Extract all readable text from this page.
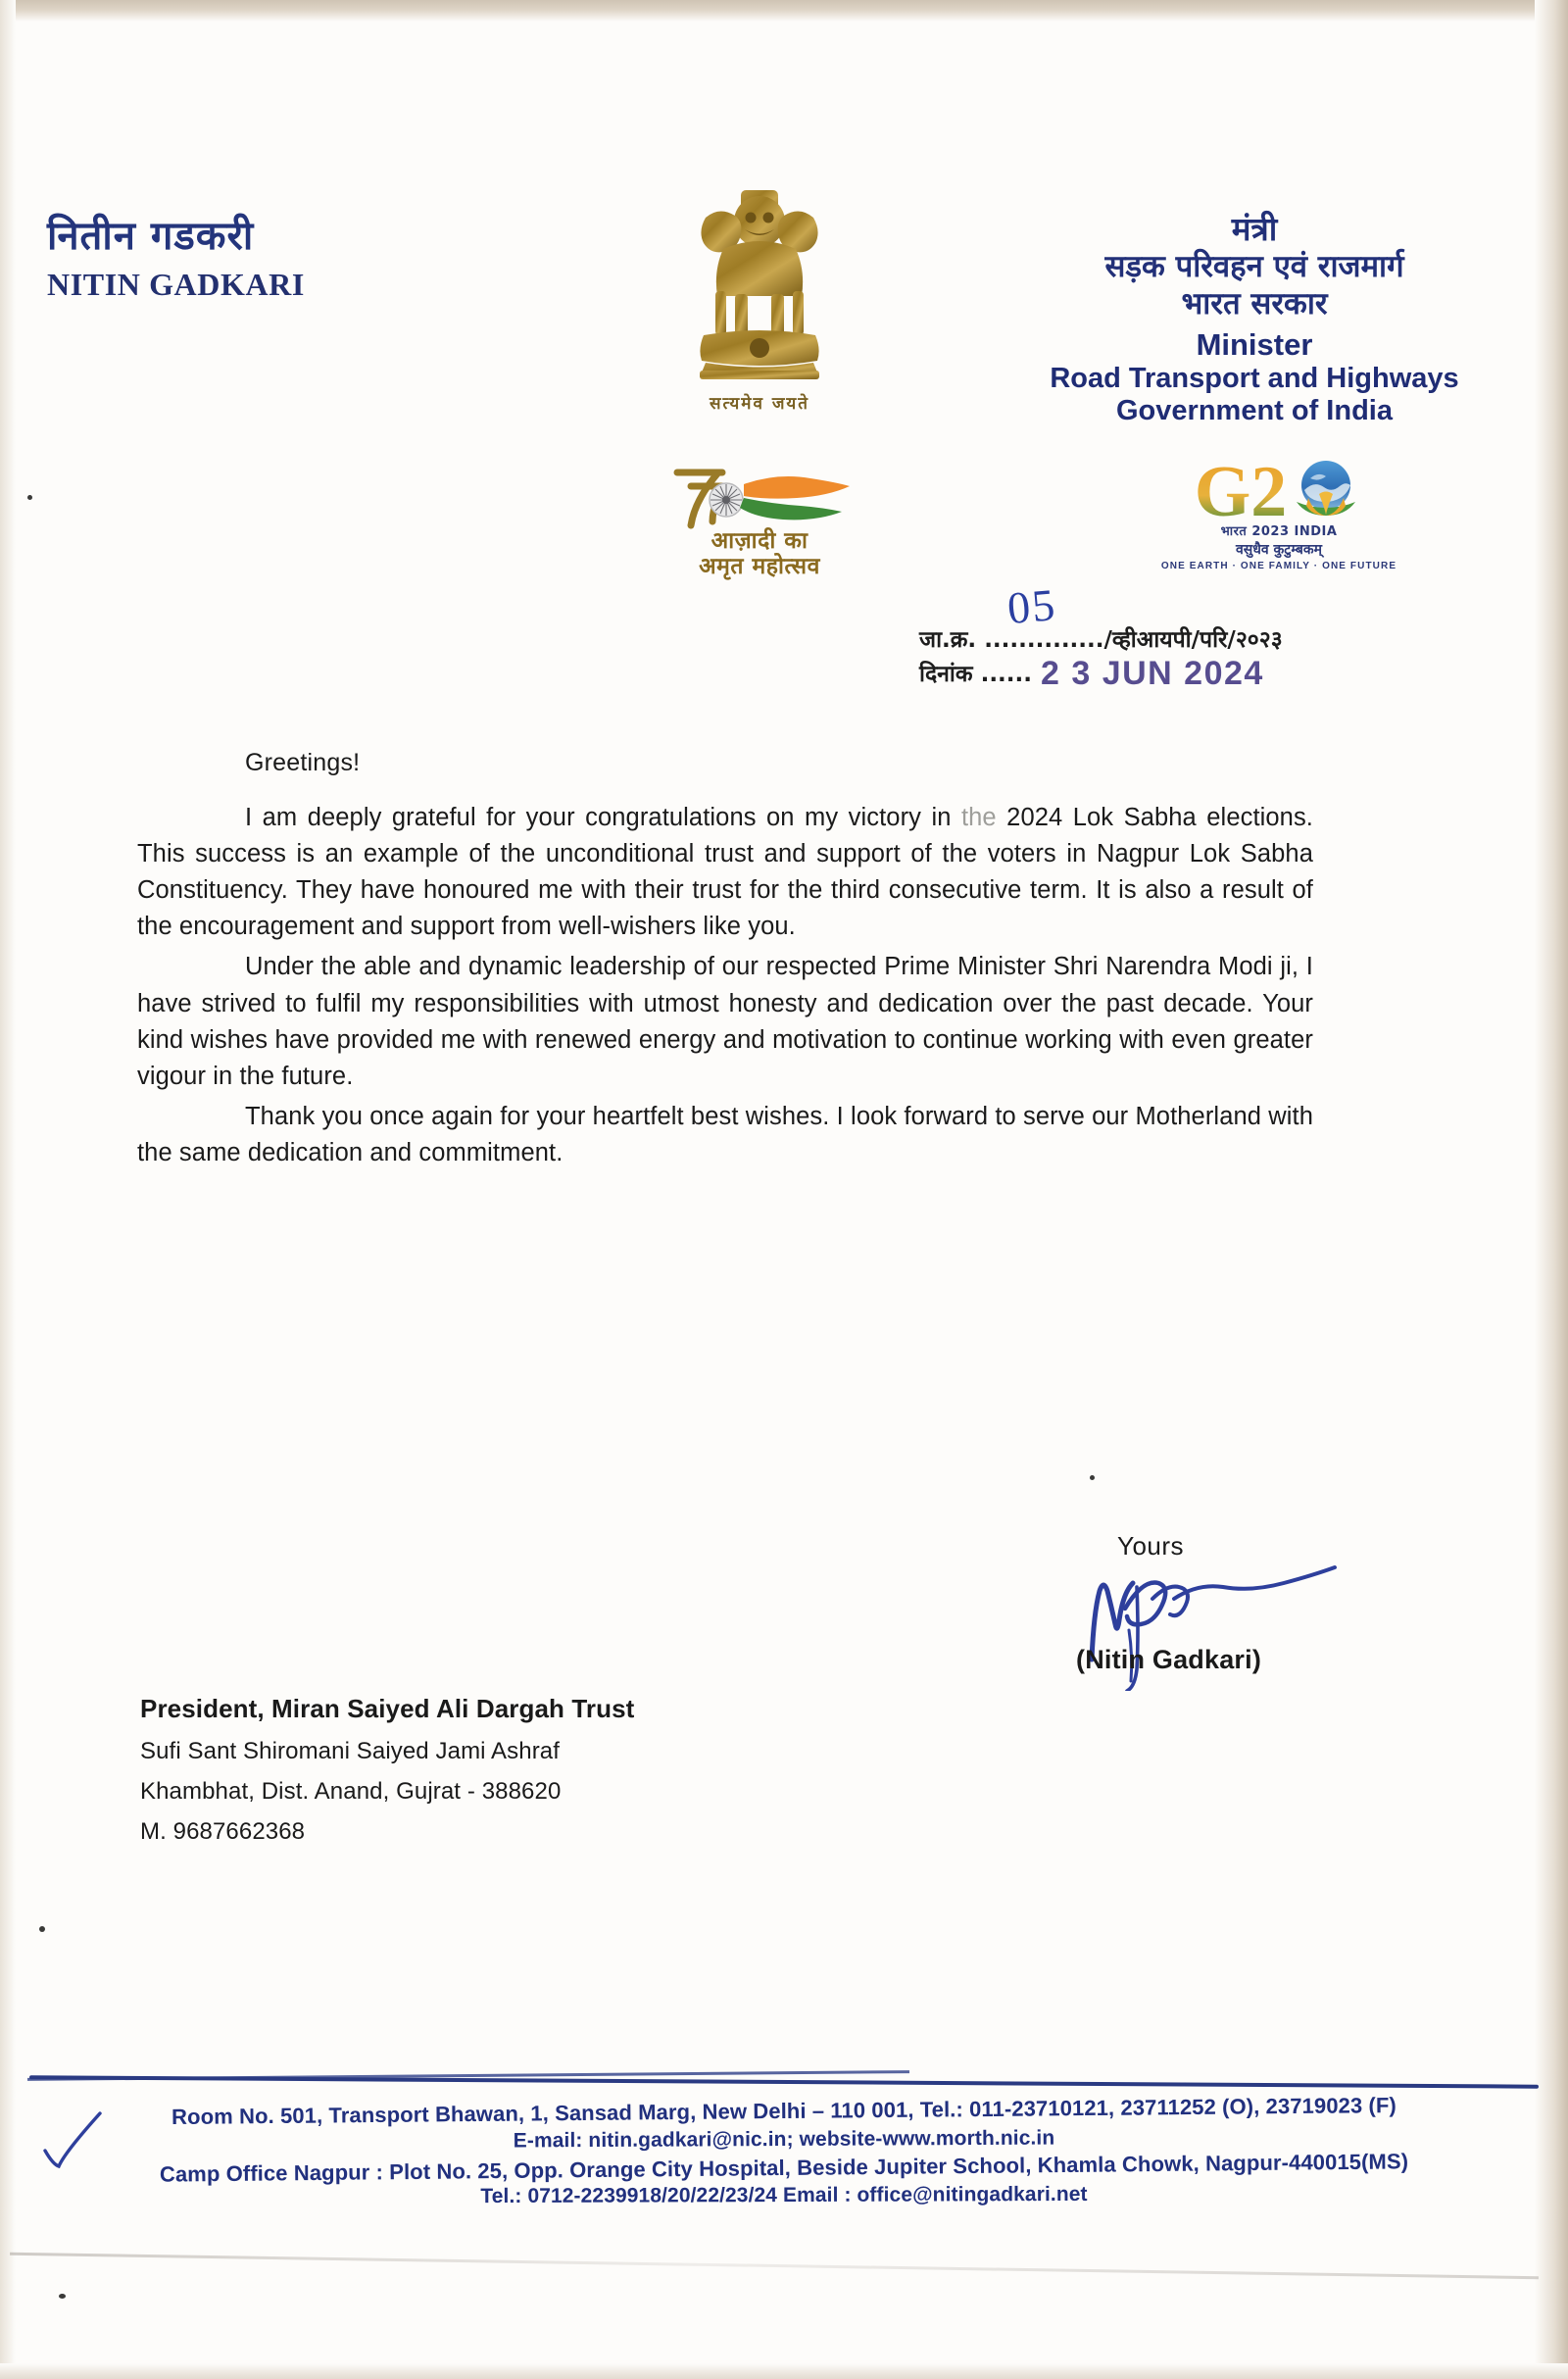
नितीन गडकरी
NITIN GADKARI
सत्यमेव जयते
आज़ादी का
अमृत महोत्सव
मंत्री
सड़क परिवहन एवं राजमार्ग
भारत सरकार
Minister
Road Transport and Highways
Government of India
G2
भारत 2023 INDIA
वसुधैव कुटुम्बकम्
ONE EARTH · ONE FAMILY · ONE FUTURE
05
जा.क्र. ............../व्हीआयपी/परि/२०२३
दिनांक ...... 2 3 JUN 2024

Greetings!

I am deeply grateful for your congratulations on my victory in the 2024 Lok Sabha elections. This success is an example of the unconditional trust and support of the voters in Nagpur Lok Sabha Constituency. They have honoured me with their trust for the third consecutive term. It is also a result of the encouragement and support from well-wishers like you.

Under the able and dynamic leadership of our respected Prime Minister Shri Narendra Modi ji, I have strived to fulfil my responsibilities with utmost honesty and dedication over the past decade. Your kind wishes have provided me with renewed energy and motivation to continue working with even greater vigour in the future.

Thank you once again for your heartfelt best wishes. I look forward to serve our Motherland with the same dedication and commitment.

Yours
(Nitin Gadkari)
President, Miran Saiyed Ali Dargah Trust
Sufi Sant Shiromani Saiyed Jami Ashraf
Khambhat, Dist. Anand, Gujrat - 388620
M. 9687662368
Room No. 501, Transport Bhawan, 1, Sansad Marg, New Delhi – 110 001, Tel.: 011-23710121, 23711252 (O), 23719023 (F)
E-mail: nitin.gadkari@nic.in; website-www.morth.nic.in
Camp Office Nagpur : Plot No. 25, Opp. Orange City Hospital, Beside Jupiter School, Khamla Chowk, Nagpur-440015(MS)
Tel.: 0712-2239918/20/22/23/24 Email : office@nitingadkari.net
